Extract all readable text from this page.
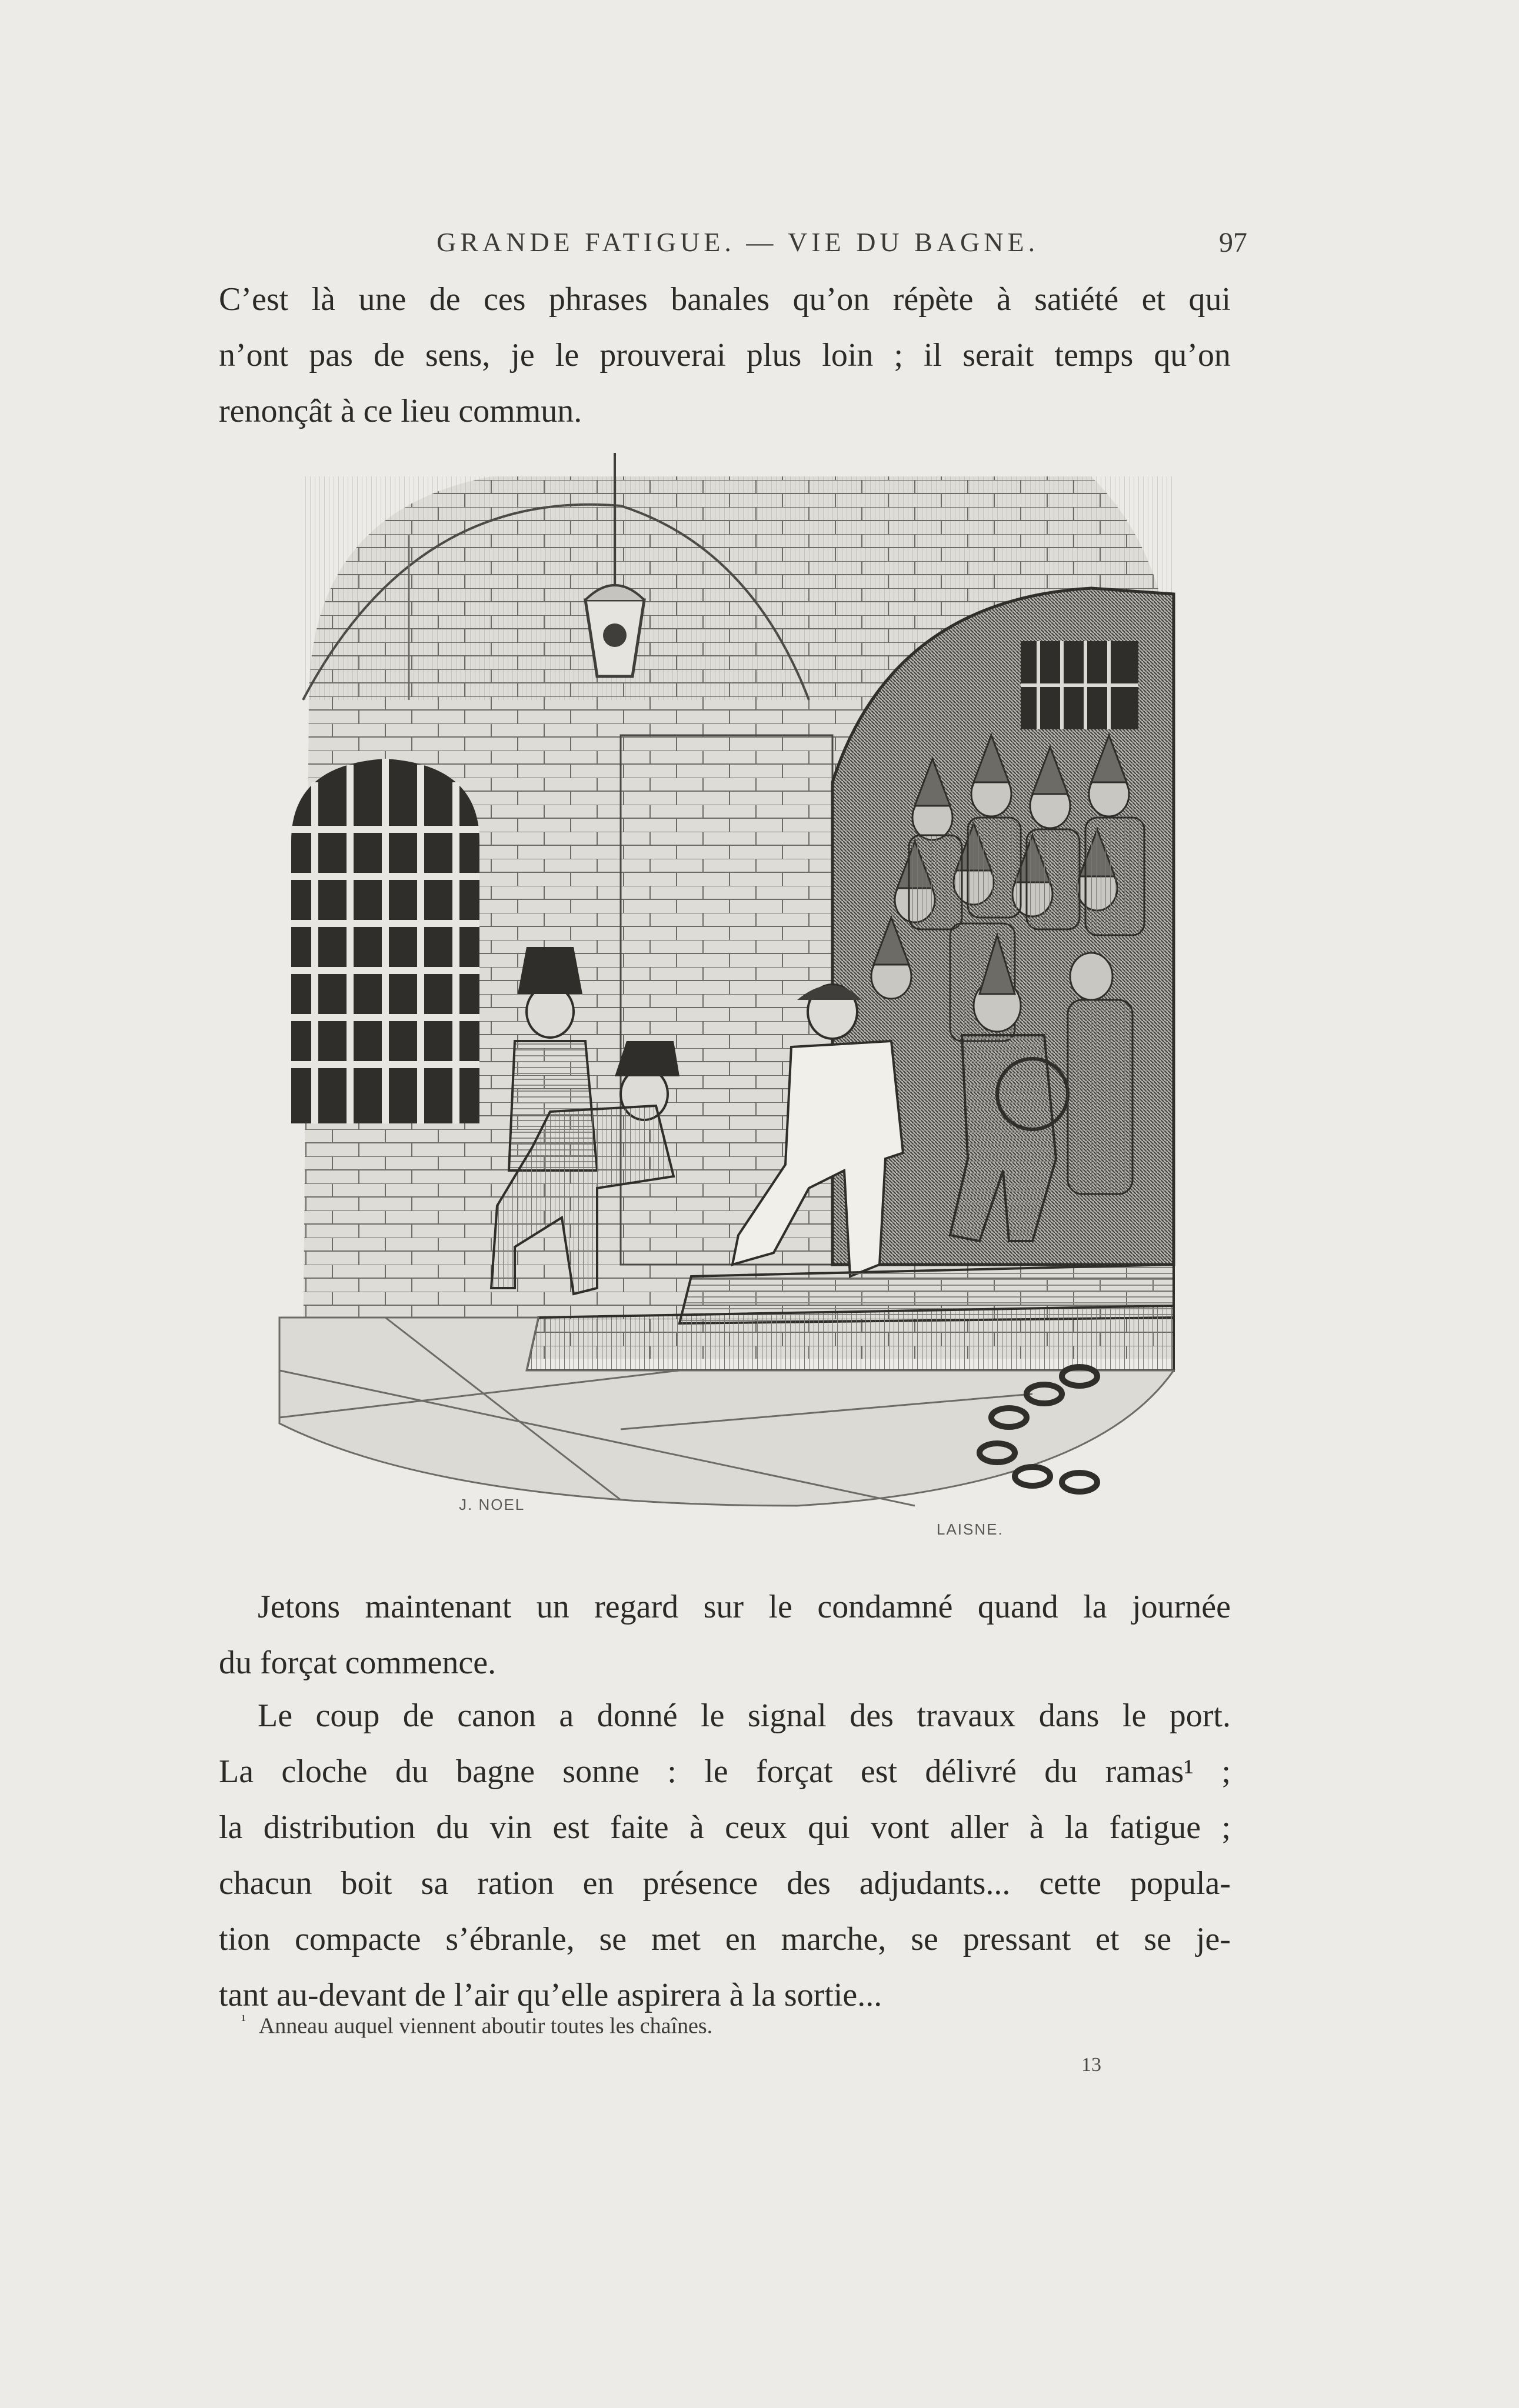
GRANDE FATIGUE. — VIE DU BAGNE.	97
C’est là une de ces phrases banales qu’on répète à satiété et qui
n’ont pas de sens, je le prouverai plus loin ; il serait temps qu’on
renonçât à ce lieu commun.
J. NOEL
LAISNE.
Jetons maintenant un regard sur le condamné quand la journée
du forçat commence.
Le coup de canon a donné le signal des travaux dans le port.
La cloche du bagne sonne : le forçat est délivré du ramas¹ ;
la distribution du vin est faite à ceux qui vont aller à la fatigue ;
chacun boit sa ration en présence des adjudants... cette popula-
tion compacte s’ébranle, se met en marche, se pressant et se je-
tant au-devant de l’air qu’elle aspirera à la sortie...
$^{^1}$ Anneau auquel viennent aboutir toutes les chaînes.
13
